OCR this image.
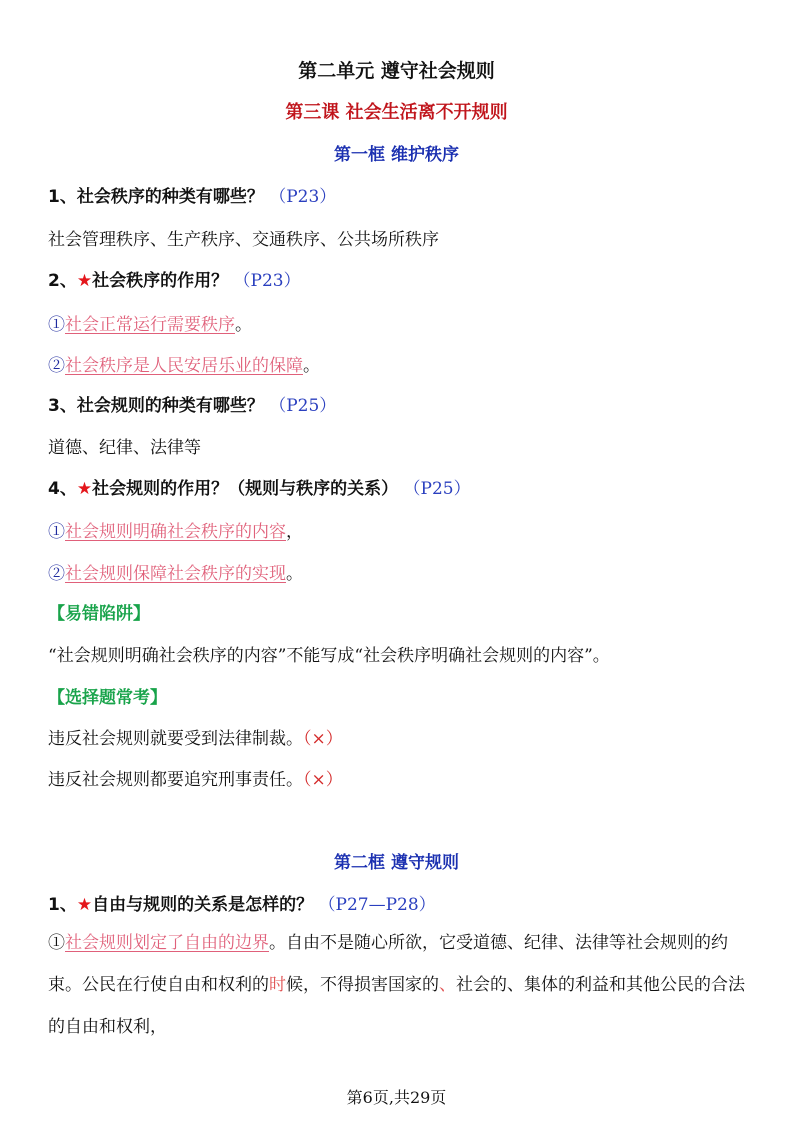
第二单元 遵守社会规则
第三课 社会生活离不开规则
第一框 维护秩序
1、社会秩序的种类有哪些？ （P23）
社会管理秩序、生产秩序、交通秩序、公共场所秩序
2、★社会秩序的作用？ （P23）
①社会正常运行需要秩序。
②社会秩序是人民安居乐业的保障。
3、社会规则的种类有哪些？ （P25）
道德、纪律、法律等
4、★社会规则的作用？（规则与秩序的关系） （P25）
①社会规则明确社会秩序的内容，
②社会规则保障社会秩序的实现。
【易错陷阱】
“社会规则明确社会秩序的内容”不能写成“社会秩序明确社会规则的内容”。
【选择题常考】
违反社会规则就要受到法律制裁。（×）
违反社会规则都要追究刑事责任。（×）
第二框 遵守规则
1、★自由与规则的关系是怎样的？ （P27—P28）
①社会规则划定了自由的边界。自由不是随心所欲，它受道德、纪律、法律等社会规则的约束。公民在行使自由和权利的时候，不得损害国家的、社会的、集体的利益和其他公民的合法的自由和权利，
第6页,共29页
